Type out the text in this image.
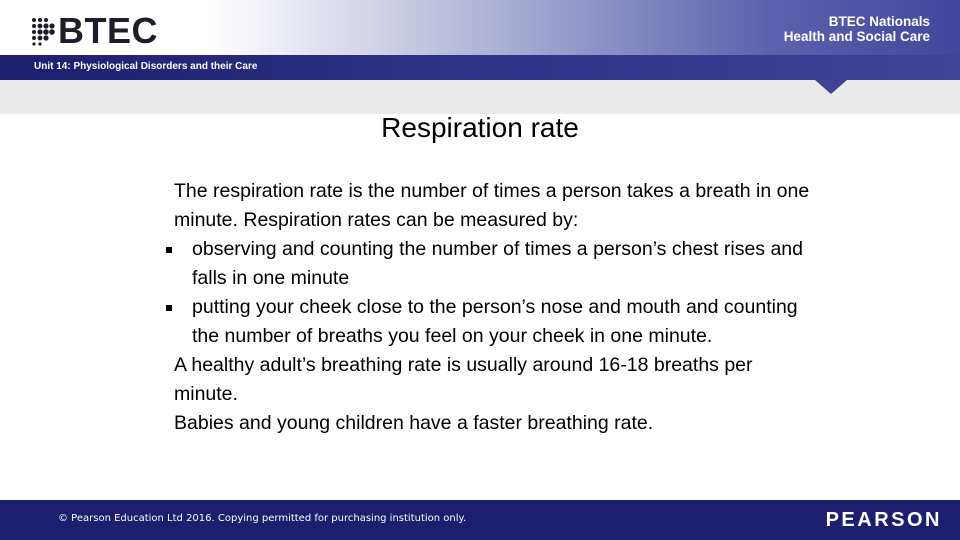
BTEC	BTEC Nationals
Health and Social Care
Unit 14: Physiological Disorders and their Care
Respiration rate

The respiration rate is the number of times a person takes a breath in one minute. Respiration rates can be measured by:

observing and counting the number of times a person’s chest rises and falls in one minute

putting your cheek close to the person’s nose and mouth and counting the number of breaths you feel on your cheek in one minute.

A healthy adult’s breathing rate is usually around 16-18 breaths per minute.

Babies and young children have a faster breathing rate.

© Pearson Education Ltd 2016. Copying permitted for purchasing institution only.	PEARSON
